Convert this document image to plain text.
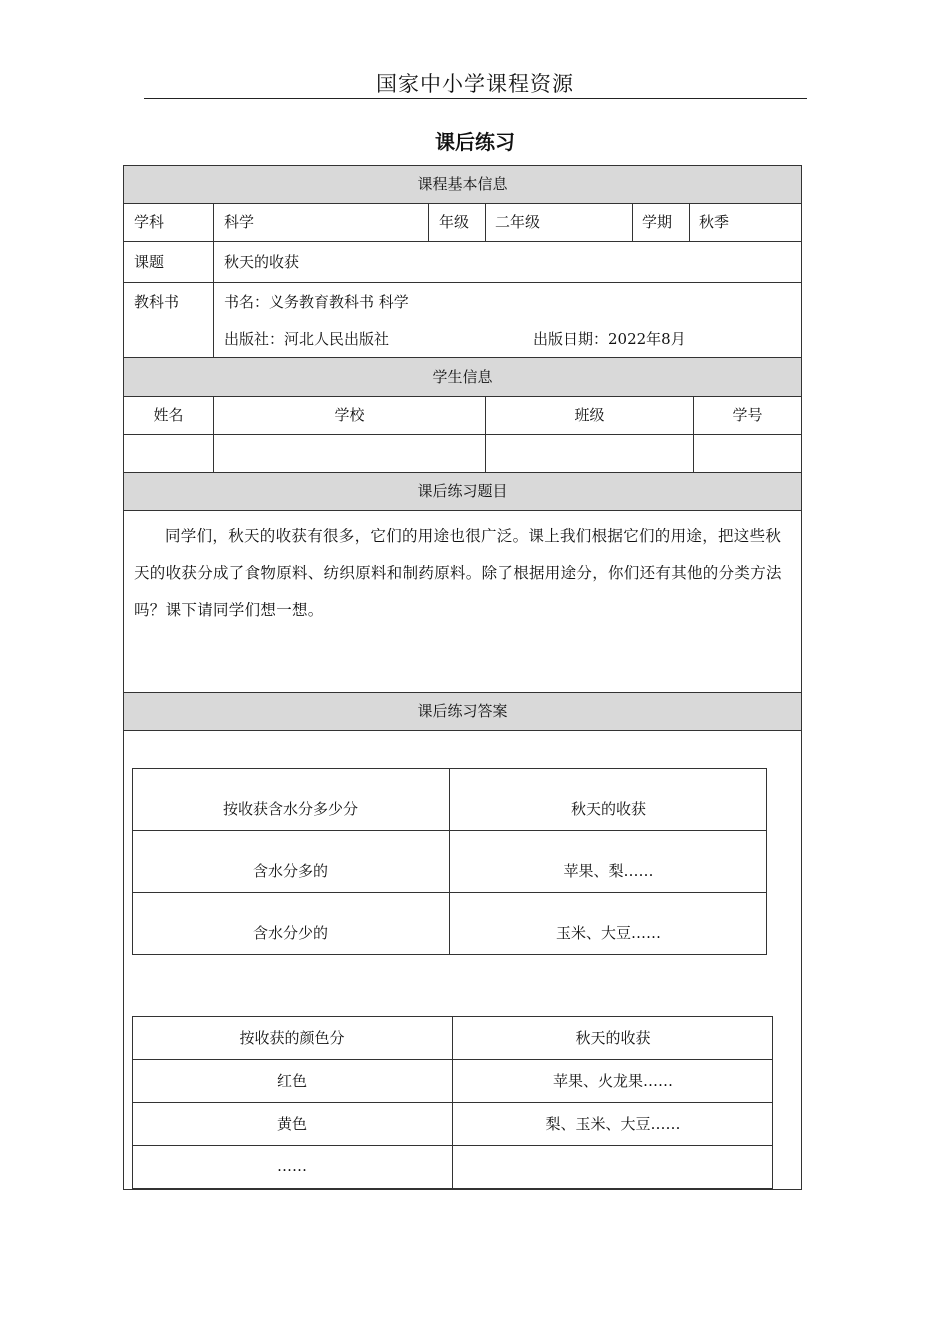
国家中小学课程资源
课后练习
课程基本信息
学科	科学	年级 二年级	学期 秋季
课题	秋天的收获
教科书	书名：义务教育教科书 科学
出版社：河北人民出版社	出版日期：2022年8月
学生信息
姓名	学校	班级	学号
课后练习题目
同学们，秋天的收获有很多，它们的用途也很广泛。课上我们根据它们的用途，把这些秋天的收获分成了食物原料、纺织原料和制药原料。除了根据用途分，你们还有其他的分类方法吗？课下请同学们想一想。
课后练习答案
按收获含水分多少分	秋天的收获
含水分多的	苹果、梨……
含水分少的	玉米、大豆……
按收获的颜色分	秋天的收获
红色	苹果、火龙果……
黄色	梨、玉米、大豆……
……
